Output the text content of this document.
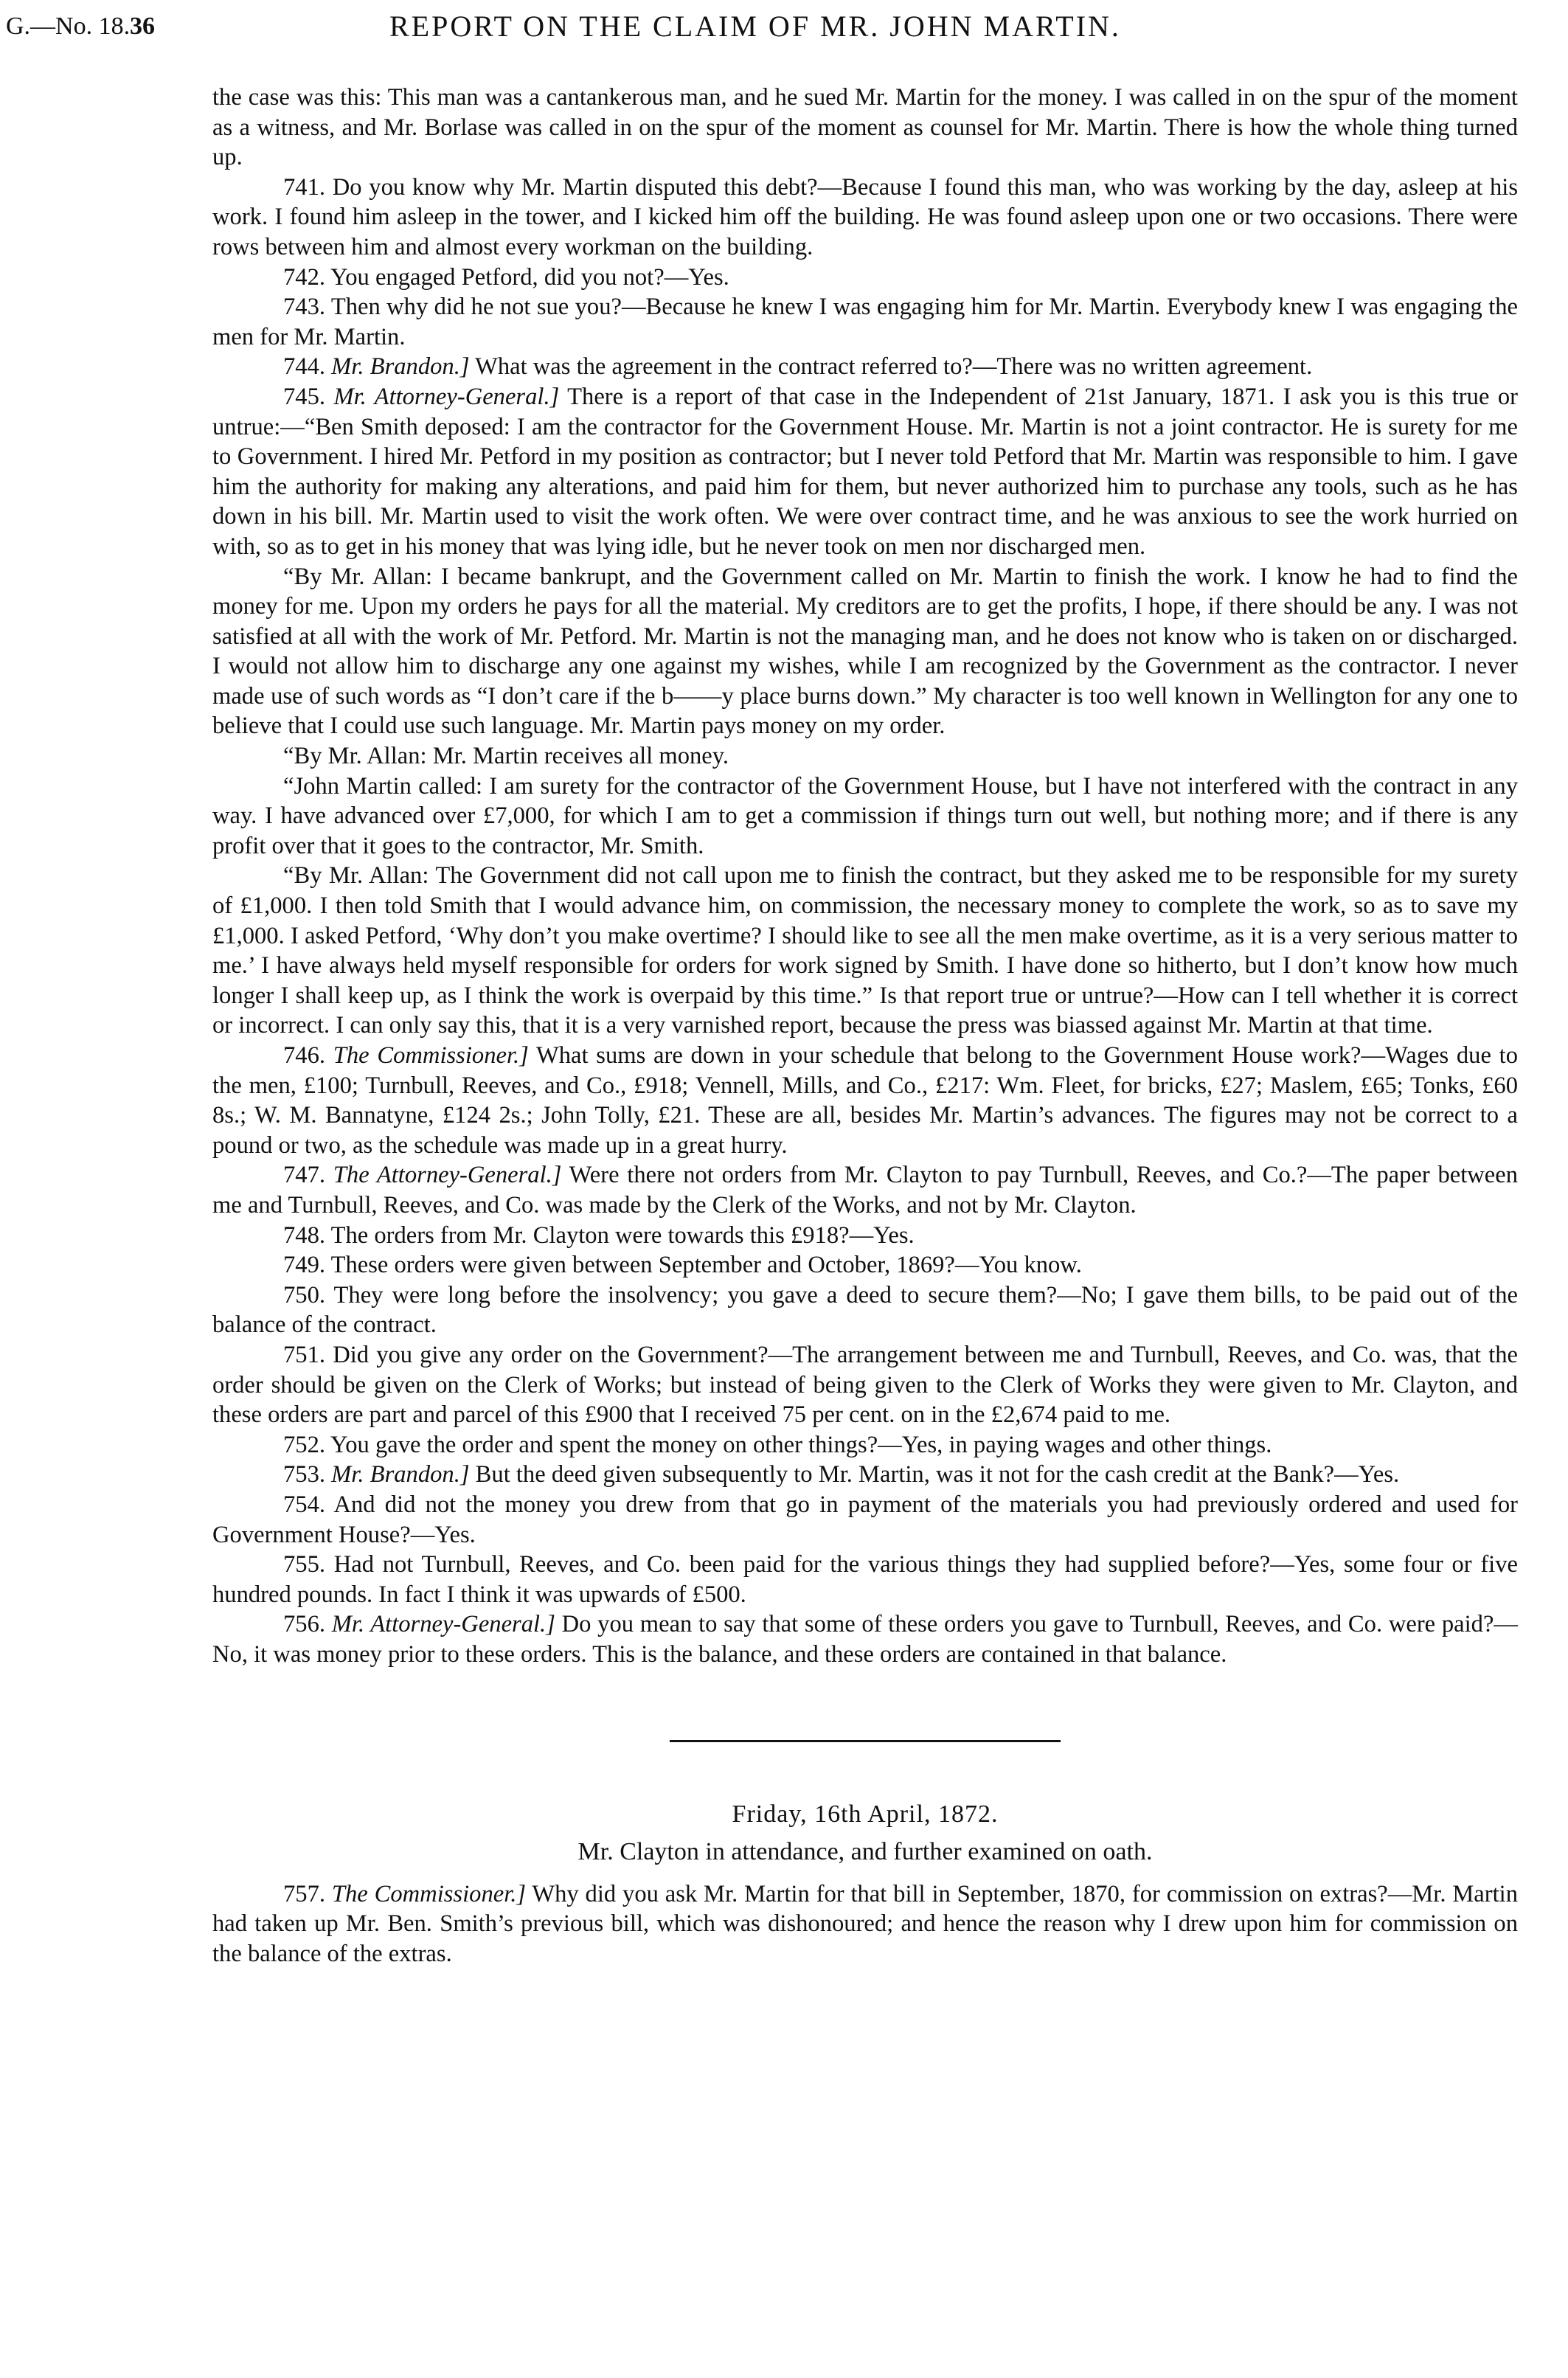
G.—No. 18. 36	REPORT ON THE CLAIM OF MR. JOHN MARTIN.

the case was this: This man was a cantankerous man, and he sued Mr. Martin for the money. I was called in on the spur of the moment as a witness, and Mr. Borlase was called in on the spur of the moment as counsel for Mr. Martin. There is how the whole thing turned up.

741. Do you know why Mr. Martin disputed this debt?—Because I found this man, who was working by the day, asleep at his work. I found him asleep in the tower, and I kicked him off the building. He was found asleep upon one or two occasions. There were rows between him and almost every workman on the building.

742. You engaged Petford, did you not?—Yes.

743. Then why did he not sue you?—Because he knew I was engaging him for Mr. Martin. Everybody knew I was engaging the men for Mr. Martin.

744. Mr. Brandon.] What was the agreement in the contract referred to?—There was no written agreement.

745. Mr. Attorney-General.] There is a report of that case in the Independent of 21st January, 1871. I ask you is this true or untrue:—“Ben Smith deposed: I am the contractor for the Government House. Mr. Martin is not a joint contractor. He is surety for me to Government. I hired Mr. Petford in my position as contractor; but I never told Petford that Mr. Martin was responsible to him. I gave him the authority for making any alterations, and paid him for them, but never authorized him to purchase any tools, such as he has down in his bill. Mr. Martin used to visit the work often. We were over contract time, and he was anxious to see the work hurried on with, so as to get in his money that was lying idle, but he never took on men nor discharged men.

“By Mr. Allan: I became bankrupt, and the Government called on Mr. Martin to finish the work. I know he had to find the money for me. Upon my orders he pays for all the material. My creditors are to get the profits, I hope, if there should be any. I was not satisfied at all with the work of Mr. Petford. Mr. Martin is not the managing man, and he does not know who is taken on or discharged. I would not allow him to discharge any one against my wishes, while I am recognized by the Government as the contractor. I never made use of such words as “I don’t care if the b——y place burns down.” My character is too well known in Wellington for any one to believe that I could use such language. Mr. Martin pays money on my order.

“By Mr. Allan: Mr. Martin receives all money.

“John Martin called: I am surety for the contractor of the Government House, but I have not interfered with the contract in any way. I have advanced over £7,000, for which I am to get a commission if things turn out well, but nothing more; and if there is any profit over that it goes to the contractor, Mr. Smith.

“By Mr. Allan: The Government did not call upon me to finish the contract, but they asked me to be responsible for my surety of £1,000. I then told Smith that I would advance him, on commission, the necessary money to complete the work, so as to save my £1,000. I asked Petford, ‘Why don’t you make overtime? I should like to see all the men make overtime, as it is a very serious matter to me.’ I have always held myself responsible for orders for work signed by Smith. I have done so hitherto, but I don’t know how much longer I shall keep up, as I think the work is overpaid by this time.” Is that report true or untrue?—How can I tell whether it is correct or incorrect. I can only say this, that it is a very varnished report, because the press was biassed against Mr. Martin at that time.

746. The Commissioner.] What sums are down in your schedule that belong to the Government House work?—Wages due to the men, £100; Turnbull, Reeves, and Co., £918; Vennell, Mills, and Co., £217: Wm. Fleet, for bricks, £27; Maslem, £65; Tonks, £60 8s.; W. M. Bannatyne, £124 2s.; John Tolly, £21. These are all, besides Mr. Martin’s advances. The figures may not be correct to a pound or two, as the schedule was made up in a great hurry.

747. The Attorney-General.] Were there not orders from Mr. Clayton to pay Turnbull, Reeves, and Co.?—The paper between me and Turnbull, Reeves, and Co. was made by the Clerk of the Works, and not by Mr. Clayton.

748. The orders from Mr. Clayton were towards this £918?—Yes.

749. These orders were given between September and October, 1869?—You know.

750. They were long before the insolvency; you gave a deed to secure them?—No; I gave them bills, to be paid out of the balance of the contract.

751. Did you give any order on the Government?—The arrangement between me and Turnbull, Reeves, and Co. was, that the order should be given on the Clerk of Works; but instead of being given to the Clerk of Works they were given to Mr. Clayton, and these orders are part and parcel of this £900 that I received 75 per cent. on in the £2,674 paid to me.

752. You gave the order and spent the money on other things?—Yes, in paying wages and other things.

753. Mr. Brandon.] But the deed given subsequently to Mr. Martin, was it not for the cash credit at the Bank?—Yes.

754. And did not the money you drew from that go in payment of the materials you had previously ordered and used for Government House?—Yes.

755. Had not Turnbull, Reeves, and Co. been paid for the various things they had supplied before?—Yes, some four or five hundred pounds. In fact I think it was upwards of £500.

756. Mr. Attorney-General.] Do you mean to say that some of these orders you gave to Turnbull, Reeves, and Co. were paid?—No, it was money prior to these orders. This is the balance, and these orders are contained in that balance.

Friday, 16th April, 1872.

Mr. Clayton in attendance, and further examined on oath.

757. The Commissioner.] Why did you ask Mr. Martin for that bill in September, 1870, for commission on extras?—Mr. Martin had taken up Mr. Ben. Smith’s previous bill, which was dishonoured; and hence the reason why I drew upon him for commission on the balance of the extras.
